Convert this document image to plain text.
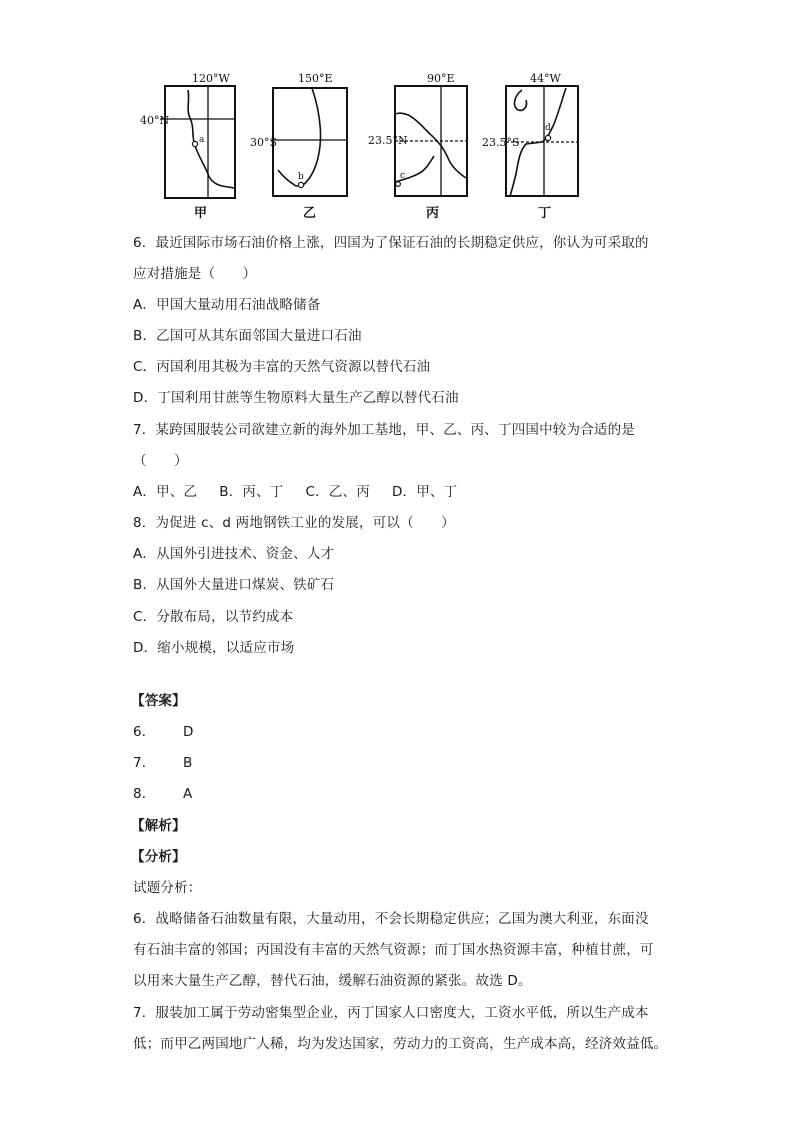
120°W
40°N
a
甲
150°E
30°S
b
乙
90°E
23.5°N
c
丙
44°W
23.5°S
d
丁
6．最近国际市场石油价格上涨，四国为了保证石油的长期稳定供应，你认为可采取的
应对措施是（　　）
A．甲国大量动用石油战略储备
B．乙国可从其东面邻国大量进口石油
C．丙国利用其极为丰富的天然气资源以替代石油
D．丁国利用甘蔗等生物原料大量生产乙醇以替代石油
7．某跨国服装公司欲建立新的海外加工基地，甲、乙、丙、丁四国中较为合适的是
（　　）
A．甲、乙 B．丙、丁 C．乙、丙 D．甲、丁
8．为促进 c、d 两地钢铁工业的发展，可以（　　）
A．从国外引进技术、资金、人才
B．从国外大量进口煤炭、铁矿石
C．分散布局，以节约成本
D．缩小规模，以适应市场
【答案】
6． D
7． B
8． A
【解析】
【分析】
试题分析：
6．战略储备石油数量有限，大量动用，不会长期稳定供应；乙国为澳大利亚，东面没
有石油丰富的邻国；丙国没有丰富的天然气资源；而丁国水热资源丰富，种植甘蔗，可
以用来大量生产乙醇，替代石油，缓解石油资源的紧张。故选 D。
7．服装加工属于劳动密集型企业，丙丁国家人口密度大，工资水平低，所以生产成本
低；而甲乙两国地广人稀，均为发达国家，劳动力的工资高，生产成本高，经济效益低。
